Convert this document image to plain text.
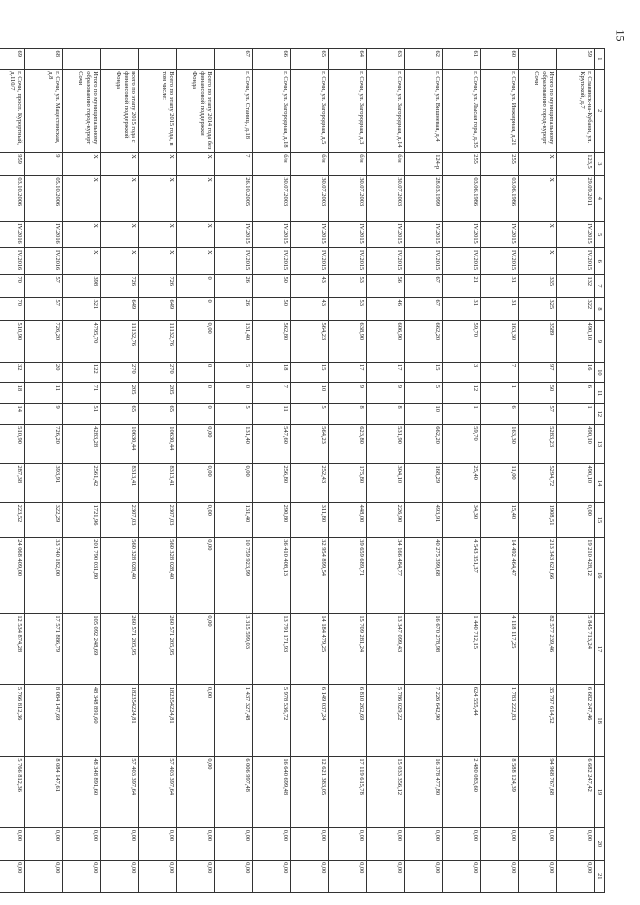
15
1	2	3	4	5	6	7	8	9	10	11	12	13	14	15	16	17	18	19	20	21
59	г. Славянск-на-Кубани, ул. Крупской, д.7	123,5	29.09.2011	IV.2015	IV.2015	132	322	490,10	16	6	1	490,10	490,10	0,00	19 210 428,12	5 845 713,24	6 682 247,46	6 682 247,42	0,00	0,00
	Итого по муниципальному образованию город-курорт Сочи	X	X	X	X	335	325	3589	97	50	57	5283,23	5294,72	1908,51	213 343 621,66	82 577 239,46	35 797 614,52	94 968 767,68	0,00	0,00
60	г. Сочи, ул. Инжирная, д.21	255	03.06.1986	IV.2015	IV.2015	31	31	163,30	7	1	6	163,30	11,00	15,40	14 492 464,47	4 118 117,25	1 783 222,83	8 588 124,39	0,00	0,00
61	г. Сочи, ул. Лысая гора, д.35	255	03.06.1986	IV.2015	IV.2015	21	31	59,70	3	12	1	59,70	25,40	34,30	4 543 351,37	1 440 712,15	624 555,44	2 480 083,60	0,00	0,00
62	г. Сочи, ул. Вишневая, д.4	124-р	28.03.1999	IV.2015	IV.2015	67	67	662,20	15	5	10	662,20	168,29	493,91	40 275 399,68	16 670 278,98	7 226 642,90	16 378 477,80	0,00	0,00
63	г. Сочи, ул. Загородная, д.14	б/н	30.07.2003	IV.2015	IV.2015	56	46	606,90	17	9	8	531,90	304,10	226,90	34 166 484,77	13 347 099,43	5 786 029,22	15 033 356,12	0,00	0,00
64	г. Сочи, ул. Загородная, д.3	б/н	30.07.2003	IV.2015	IV.2015	53	53	638,90	17	9	8	623,80	175,80	448,00	39 659 689,71	15 709 281,24	6 810 262,69	17 119 615,78	0,00	0,00
65	г. Сочи, ул. Загородная, д.5	б/н	30.07.2003	IV.2015	IV.2015	43	43	564,23	15	10	5	564,23	252,43	311,80	32 954 899,54	14 184 479,25	6 149 037,24	12 621 383,05	0,00	0,00
66	г. Сочи, ул. Загородная, д.18	б/н	30.07.2003	IV.2015	IV.2015	50	50	562,80	18	7	11	547,60	256,80	290,80	36 410 408,13	13 791 171,93	5 978 536,72	16 640 699,48	0,00	0,00
67	г. Сочи, ул. Станиц., д.18	7	26.10.2005	IV.2015	IV.2015	26	26	131,40	5	0	5	131,40	0,00	131,40	10 759 923,99	3 315 599,03	1 437 327,48	6 006 997,48	0,00	0,00
	Всего по этапу 2014 года без финансовой поддержки Фонда	X	X	X	X	0	0	0,00	0	0	0	0,00	0,00	0,00	0,00	0,00	0,00	0,00	0,00	0,00
	Всего по этапу 2015 года, в том числе:	X	X	X	X	726	649	11132,76	270	205	65	10630,44	8313,41	2307,03	560 328 028,40	260 571 205,95	182354224,81	57 403 397,64	0,00	0,00
	всего по этапу 2015 года с финансовой поддержкой Фонда	X	X	X	X	726	649	11132,76	270	205	65	10630,44	8313,41	2307,03	560 328 028,40	260 571 205,95	182354224,81	57 403 397,64	0,00	0,00
	Итого по муниципальному образованию город-курорт Сочи	X	X	X	X	398	321	4795,70	122	71	51	4283,28	2561,42	1721,96	201 790 031,80	105 092 248,69	48 348 891,60	48 348 891,60	0,00	0,00
68	г. Сочи, ул. Мацестинская, д.8	9	05.10.2006	IV.2016	IV.2016	57	57	726,20	20	11	9	726,20	393,91	322,29	33 740 182,00	17 571 886,79	8 084 147,69	8 084 147,61	0,00	0,00
69	г. Сочи, просп. Курортный, д.110/7	959	03.10.2006	IV.2016	IV.2016	70	70	510,90	32	18	14	510,90	287,38	223,52	24 068 409,00	12 534 874,28	5 766 812,36	5 766 812,36	0,00	0,00
